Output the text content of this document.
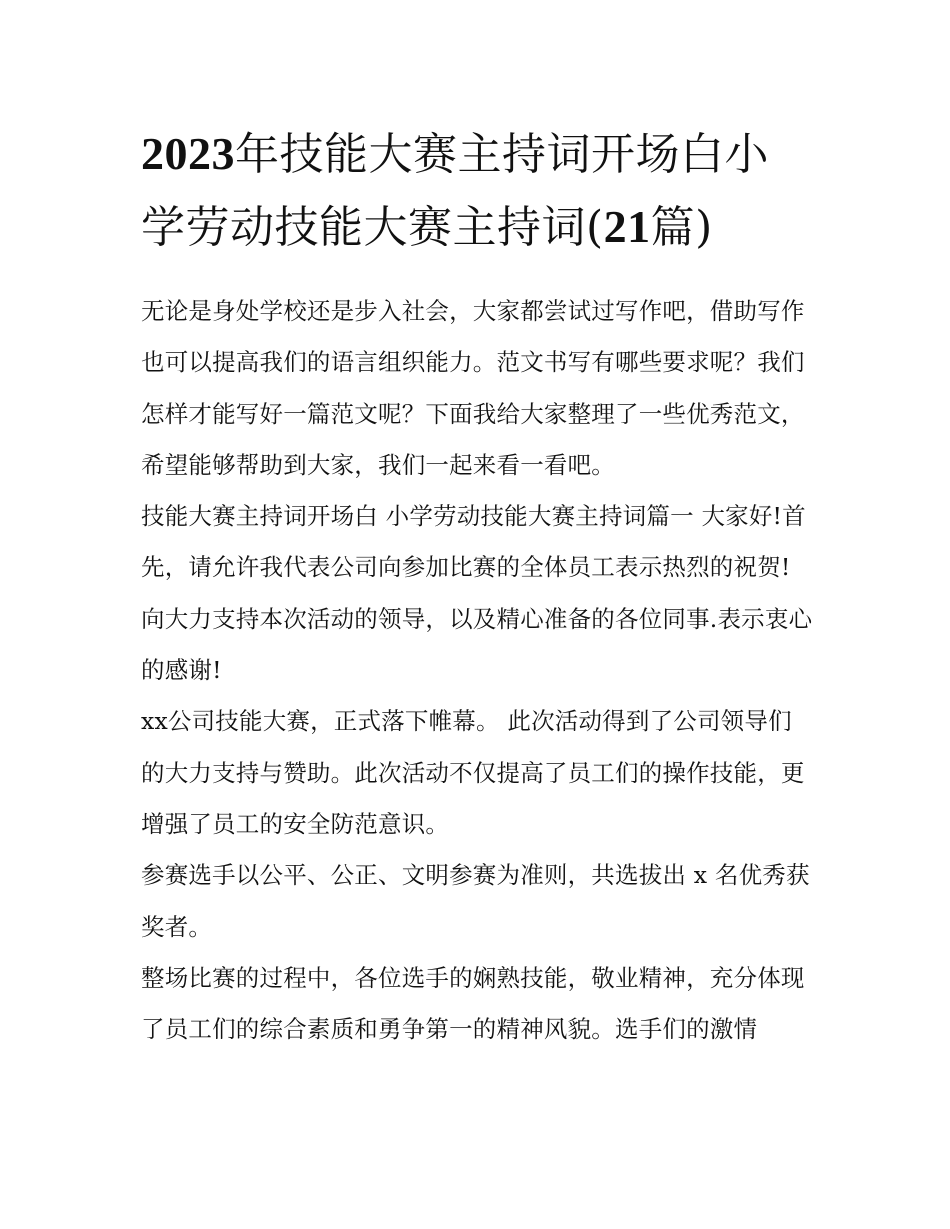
2023年技能大赛主持词开场白小学劳动技能大赛主持词(21篇)

无论是身处学校还是步入社会，大家都尝试过写作吧，借助写作也可以提高我们的语言组织能力。范文书写有哪些要求呢？我们怎样才能写好一篇范文呢？下面我给大家整理了一些优秀范文，希望能够帮助到大家，我们一起来看一看吧。

技能大赛主持词开场白 小学劳动技能大赛主持词篇一 大家好!首先，请允许我代表公司向参加比赛的全体员工表示热烈的祝贺!向大力支持本次活动的领导，以及精心准备的各位同事.表示衷心的感谢!

xx公司技能大赛，正式落下帷幕。 此次活动得到了公司领导们的大力支持与赞助。此次活动不仅提高了员工们的操作技能，更增强了员工的安全防范意识。

参赛选手以公平、公正、文明参赛为准则，共选拔出 x 名优秀获奖者。

整场比赛的过程中，各位选手的娴熟技能，敬业精神，充分体现了员工们的综合素质和勇争第一的精神风貌。选手们的激情
